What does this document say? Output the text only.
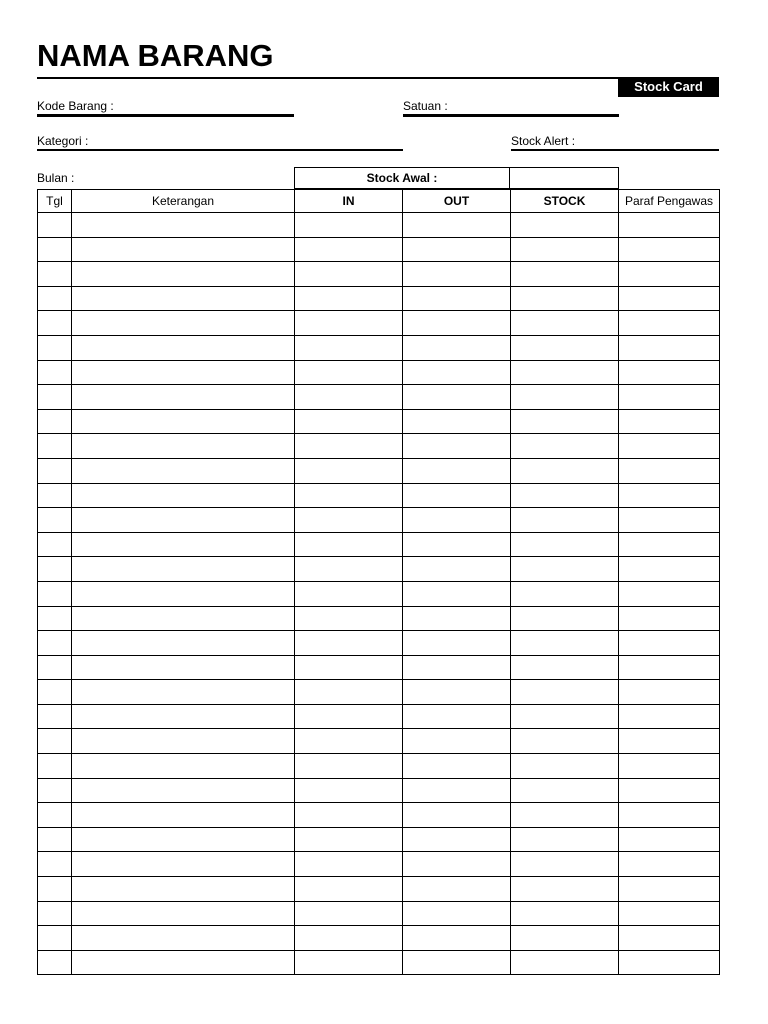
NAMA BARANG
Stock Card
Kode Barang :	Satuan :
Kategori :	Stock Alert :
Bulan :	Stock Awal :
Tgl	Keterangan	IN	OUT	STOCK	Paraf Pengawas
